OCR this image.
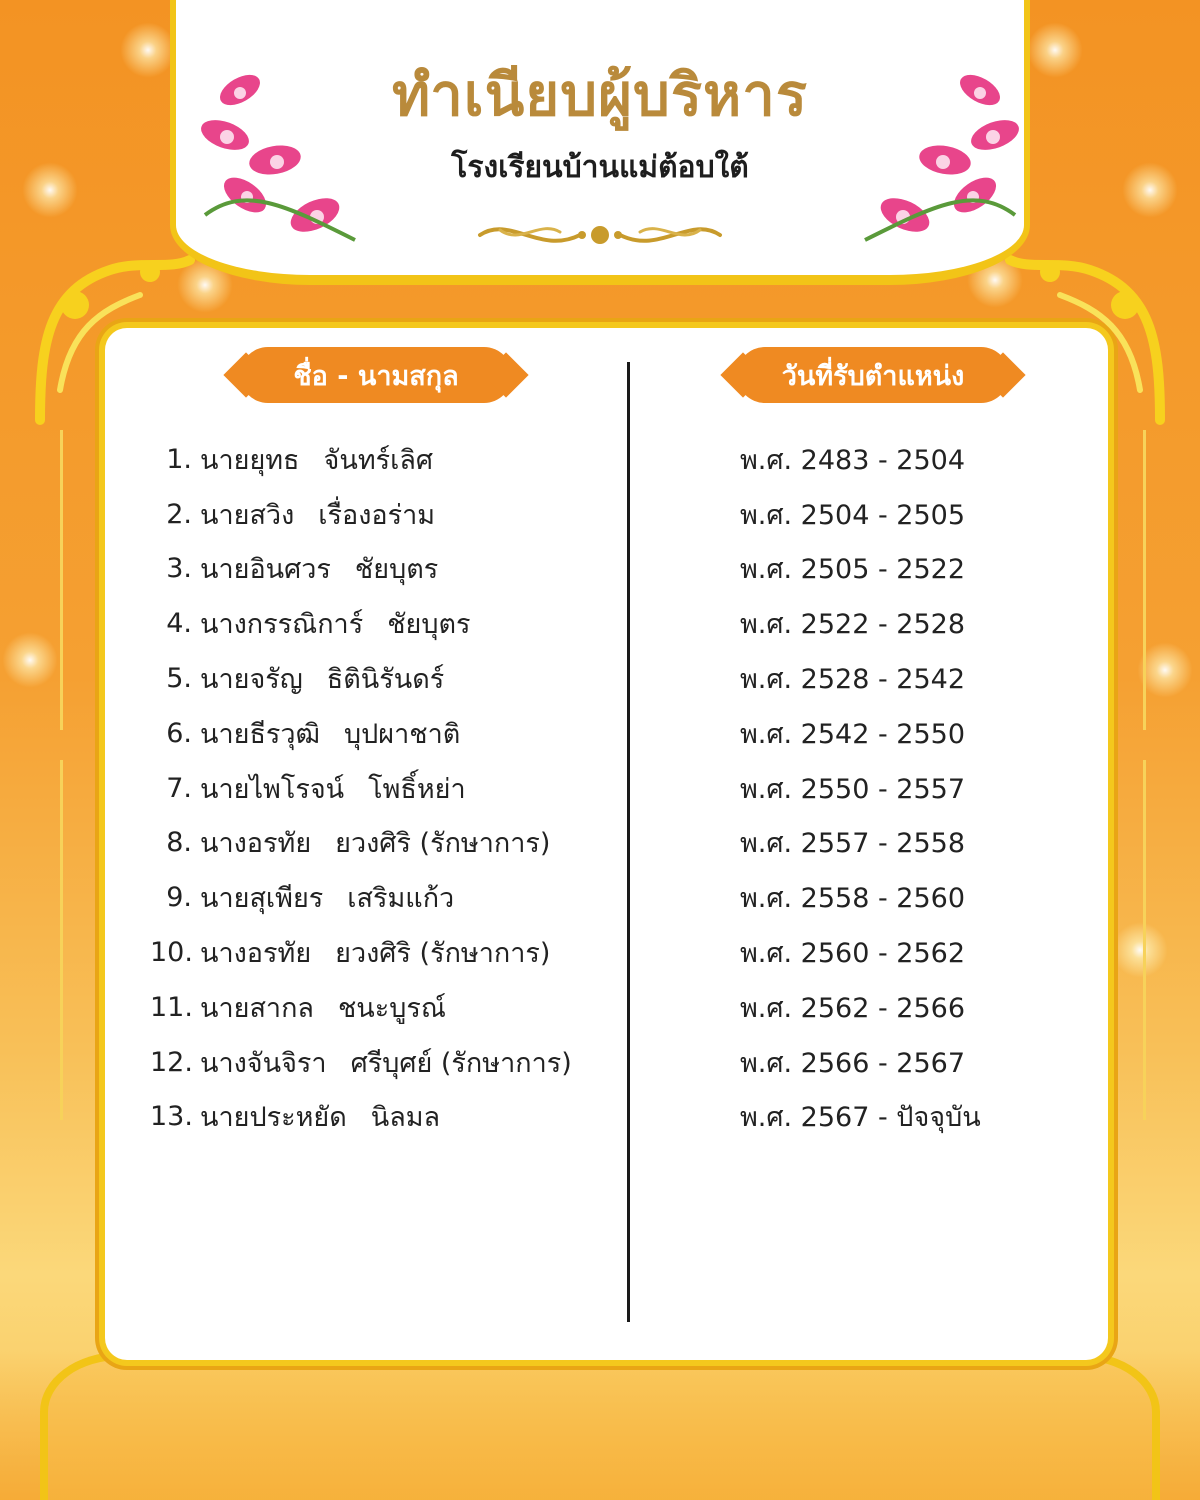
ทำเนียบผู้บริหาร
โรงเรียนบ้านแม่ต้อบใต้
ชื่อ - นามสกุล	วันที่รับตำแหน่ง
1. นายยุทธ จันทร์เลิศ
2. นายสวิง เรื่องอร่าม
3. นายอินศวร ชัยบุตร
4. นางกรรณิการ์ ชัยบุตร
5. นายจรัญ ธิตินิรันดร์
6. นายธีรวุฒิ บุปผาชาติ
7. นายไพโรจน์ โพธิ์หย่า
8. นางอรทัย ยวงศิริ (รักษาการ)
9. นายสุเพียร เสริมแก้ว
10. นางอรทัย ยวงศิริ (รักษาการ)
11. นายสากล ชนะบูรณ์
12. นางจันจิรา ศรีบุศย์ (รักษาการ)
13. นายประหยัด นิลมล
พ.ศ. 2483 - 2504
พ.ศ. 2504 - 2505
พ.ศ. 2505 - 2522
พ.ศ. 2522 - 2528
พ.ศ. 2528 - 2542
พ.ศ. 2542 - 2550
พ.ศ. 2550 - 2557
พ.ศ. 2557 - 2558
พ.ศ. 2558 - 2560
พ.ศ. 2560 - 2562
พ.ศ. 2562 - 2566
พ.ศ. 2566 - 2567
พ.ศ. 2567 - ปัจจุบัน
